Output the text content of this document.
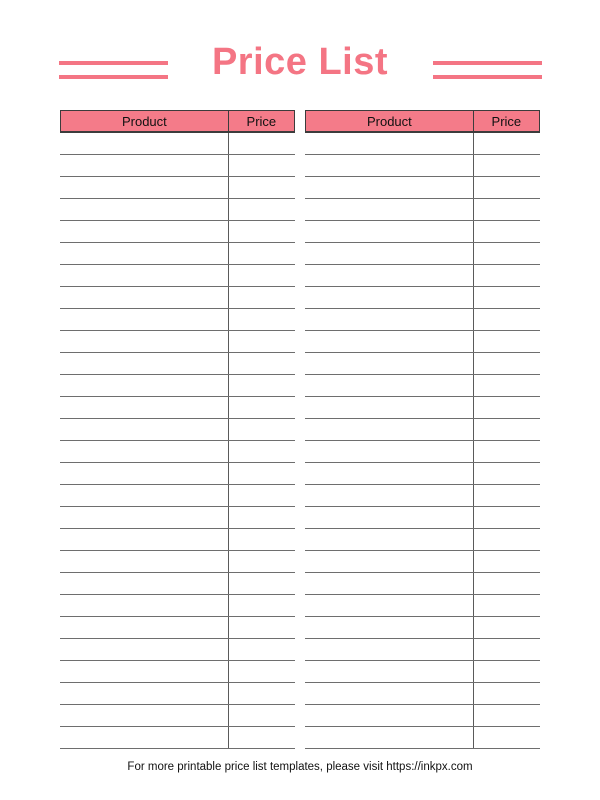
Price List
Product	Price	Product	Price
For more printable price list templates, please visit https://inkpx.com
